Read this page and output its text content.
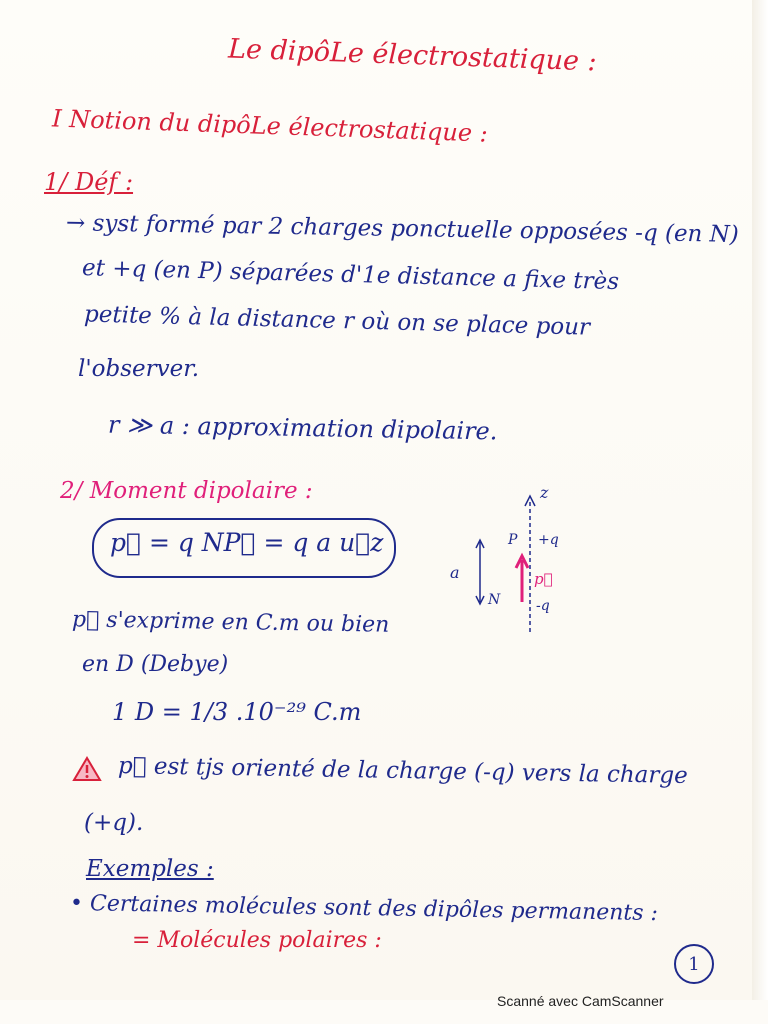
Le dipôLe électrostatique :
I Notion du dipôLe électrostatique :
1/ Déf :
→ syst formé par 2 charges ponctuelle opposées -q (en N)
et +q (en P) séparées d'1e distance a fixe très
petite % à la distance r où on se place pour
l'observer.
r ≫ a : approximation dipolaire.
2/ Moment dipolaire :
p⃗ = q NP⃗ = q a u⃗z
z
P +q
p⃗
N	-q
a
p⃗ s'exprime en C.m ou bien
en D (Debye)
1 D = 1/3 .10⁻²⁹ C.m
p⃗ est tjs orienté de la charge (-q) vers la charge
(+q).
Exemples :
• Certaines molécules sont des dipôles permanents :
= Molécules polaires :
1
Scanné avec CamScanner
